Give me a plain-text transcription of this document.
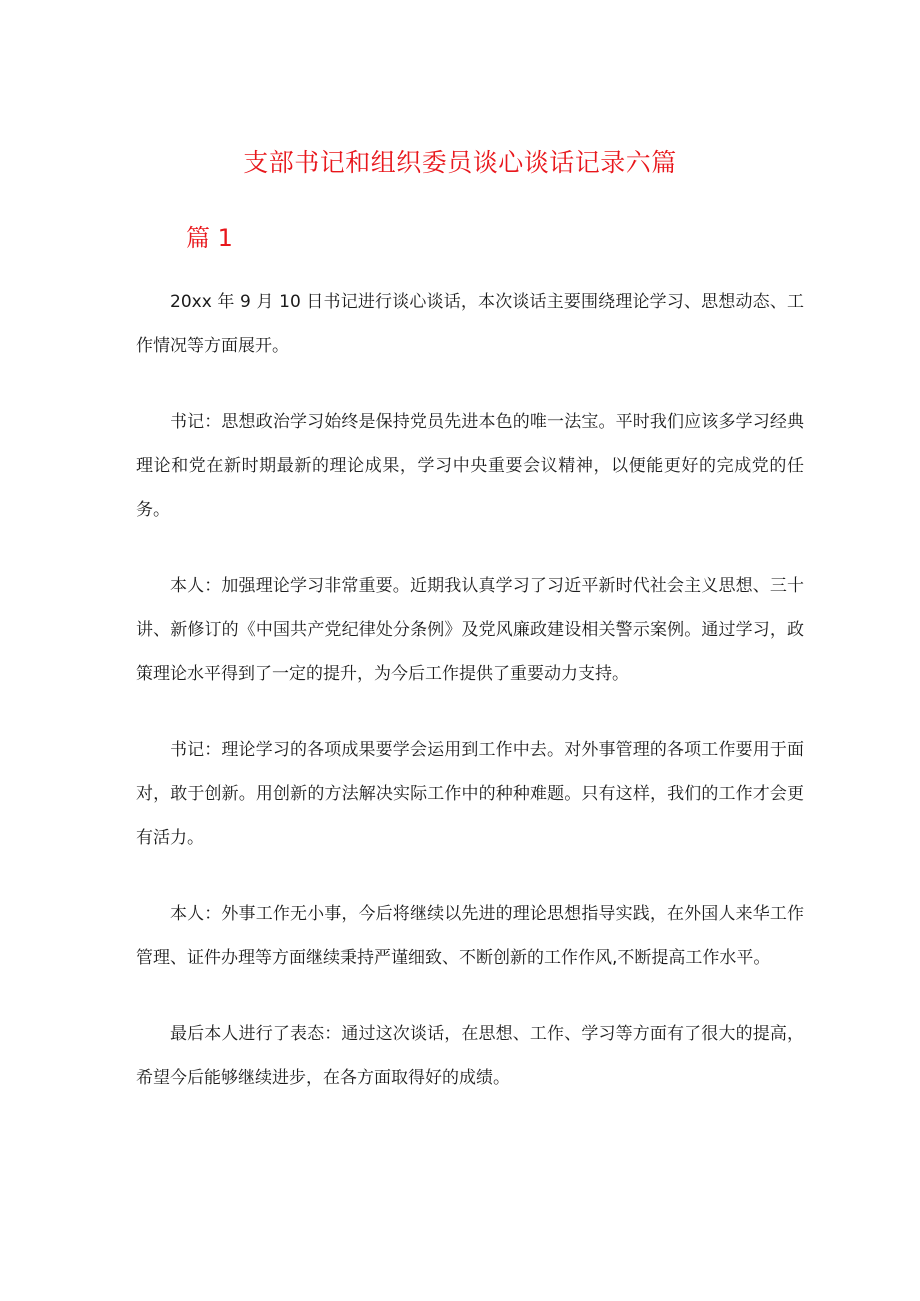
支部书记和组织委员谈心谈话记录六篇
篇 1

20xx 年 9 月 10 日书记进行谈心谈话，本次谈话主要围绕理论学习、思想动态、工作情况等方面展开。

书记：思想政治学习始终是保持党员先进本色的唯一法宝。平时我们应该多学习经典理论和党在新时期最新的理论成果，学习中央重要会议精神，以便能更好的完成党的任务。

本人：加强理论学习非常重要。近期我认真学习了习近平新时代社会主义思想、三十讲、新修订的《中国共产党纪律处分条例》及党风廉政建设相关警示案例。通过学习，政策理论水平得到了一定的提升，为今后工作提供了重要动力支持。

书记：理论学习的各项成果要学会运用到工作中去。对外事管理的各项工作要用于面对，敢于创新。用创新的方法解决实际工作中的种种难题。只有这样，我们的工作才会更有活力。

本人：外事工作无小事，今后将继续以先进的理论思想指导实践，在外国人来华工作管理、证件办理等方面继续秉持严谨细致、不断创新的工作作风,不断提高工作水平。

最后本人进行了表态：通过这次谈话，在思想、工作、学习等方面有了很大的提高，希望今后能够继续进步，在各方面取得好的成绩。
